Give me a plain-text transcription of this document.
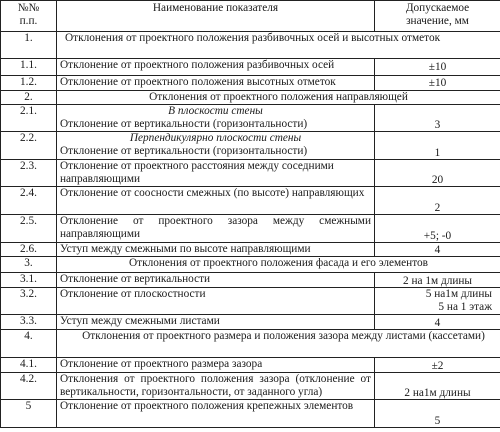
№№
п.п.	Наименование показателя	Допускаемое
значение, мм

1.	Отклонения от проектного положения разбивочных осей и высотных отметок	
1.1.	Отклонение от проектного положения разбивочных осей	±10
1.2.	Отклонение от проектного положения высотных отметок	±10
2.	Отклонения от проектного положения направляющей	
2.1.	В плоскости стены
Отклонение от вертикальности (горизонтальности)	3
2.2.	Перпендикулярно плоскости стены
Отклонение от вертикальности (горизонтальности)	1
2.3.	Отклонение от проектного расстояния между соседними направляющими	20
2.4.	Отклонение от соосности смежных (по высоте) направляющих	2
2.5.	Отклонение от проектного зазора между смежными направляющими	+5; -0
2.6.	Уступ между смежными по высоте направляющими	4
3.	Отклонения от проектного положения фасада и его элементов	
3.1.	Отклонение от вертикальности	2 на 1м длины
3.2.	Отклонение от плоскостности	5 на1м длины
5 на 1 этаж

3.3.	Уступ между смежными листами	4
4.	Отклонения от проектного размера и положения зазора между листами (кассетами)	
4.1.	Отклонение от проектного размера зазора	±2
4.2.	Отклонения от проектного положения зазора (отклонение от вертикальности, горизонтальности, от заданного угла)	2 на1м длины
5	Отклонение от проектного положения крепежных элементов	5
